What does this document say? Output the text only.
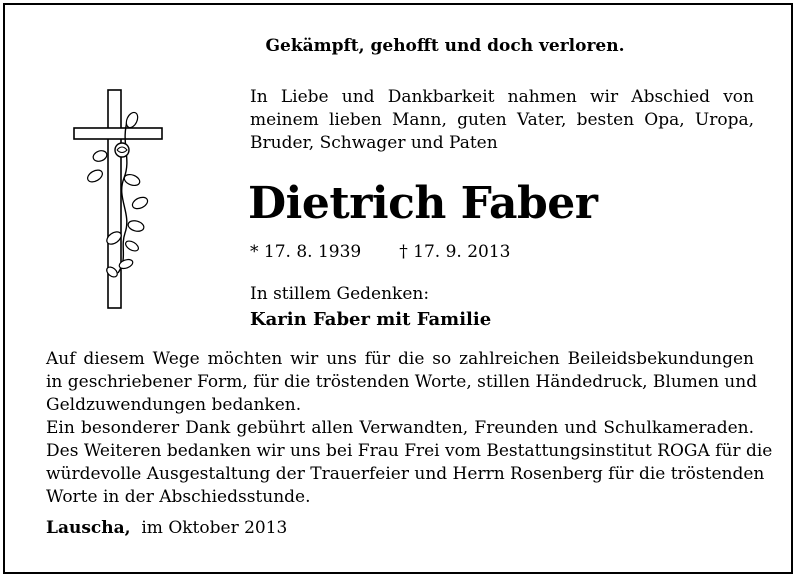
Gekämpft, gehofft und doch verloren.
In Liebe und Dankbarkeit nahmen wir Abschied von
meinem lieben Mann, guten Vater, besten Opa, Uropa,
Bruder, Schwager und Paten
Dietrich Faber
* 17. 8. 1939 † 17. 9. 2013
In stillem Gedenken:
Karin Faber mit Familie
Auf diesem Wege möchten wir uns für die so zahlreichen Beileidsbekundungen
in geschriebener Form, für die tröstenden Worte, stillen Händedruck, Blumen und
Geldzuwendungen bedanken.
Ein besonderer Dank gebührt allen Verwandten, Freunden und Schulkameraden.
Des Weiteren bedanken wir uns bei Frau Frei vom Bestattungsinstitut ROGA für die
würdevolle Ausgestaltung der Trauerfeier und Herrn Rosenberg für die tröstenden
Worte in der Abschiedsstunde.
Lauscha, im Oktober 2013
